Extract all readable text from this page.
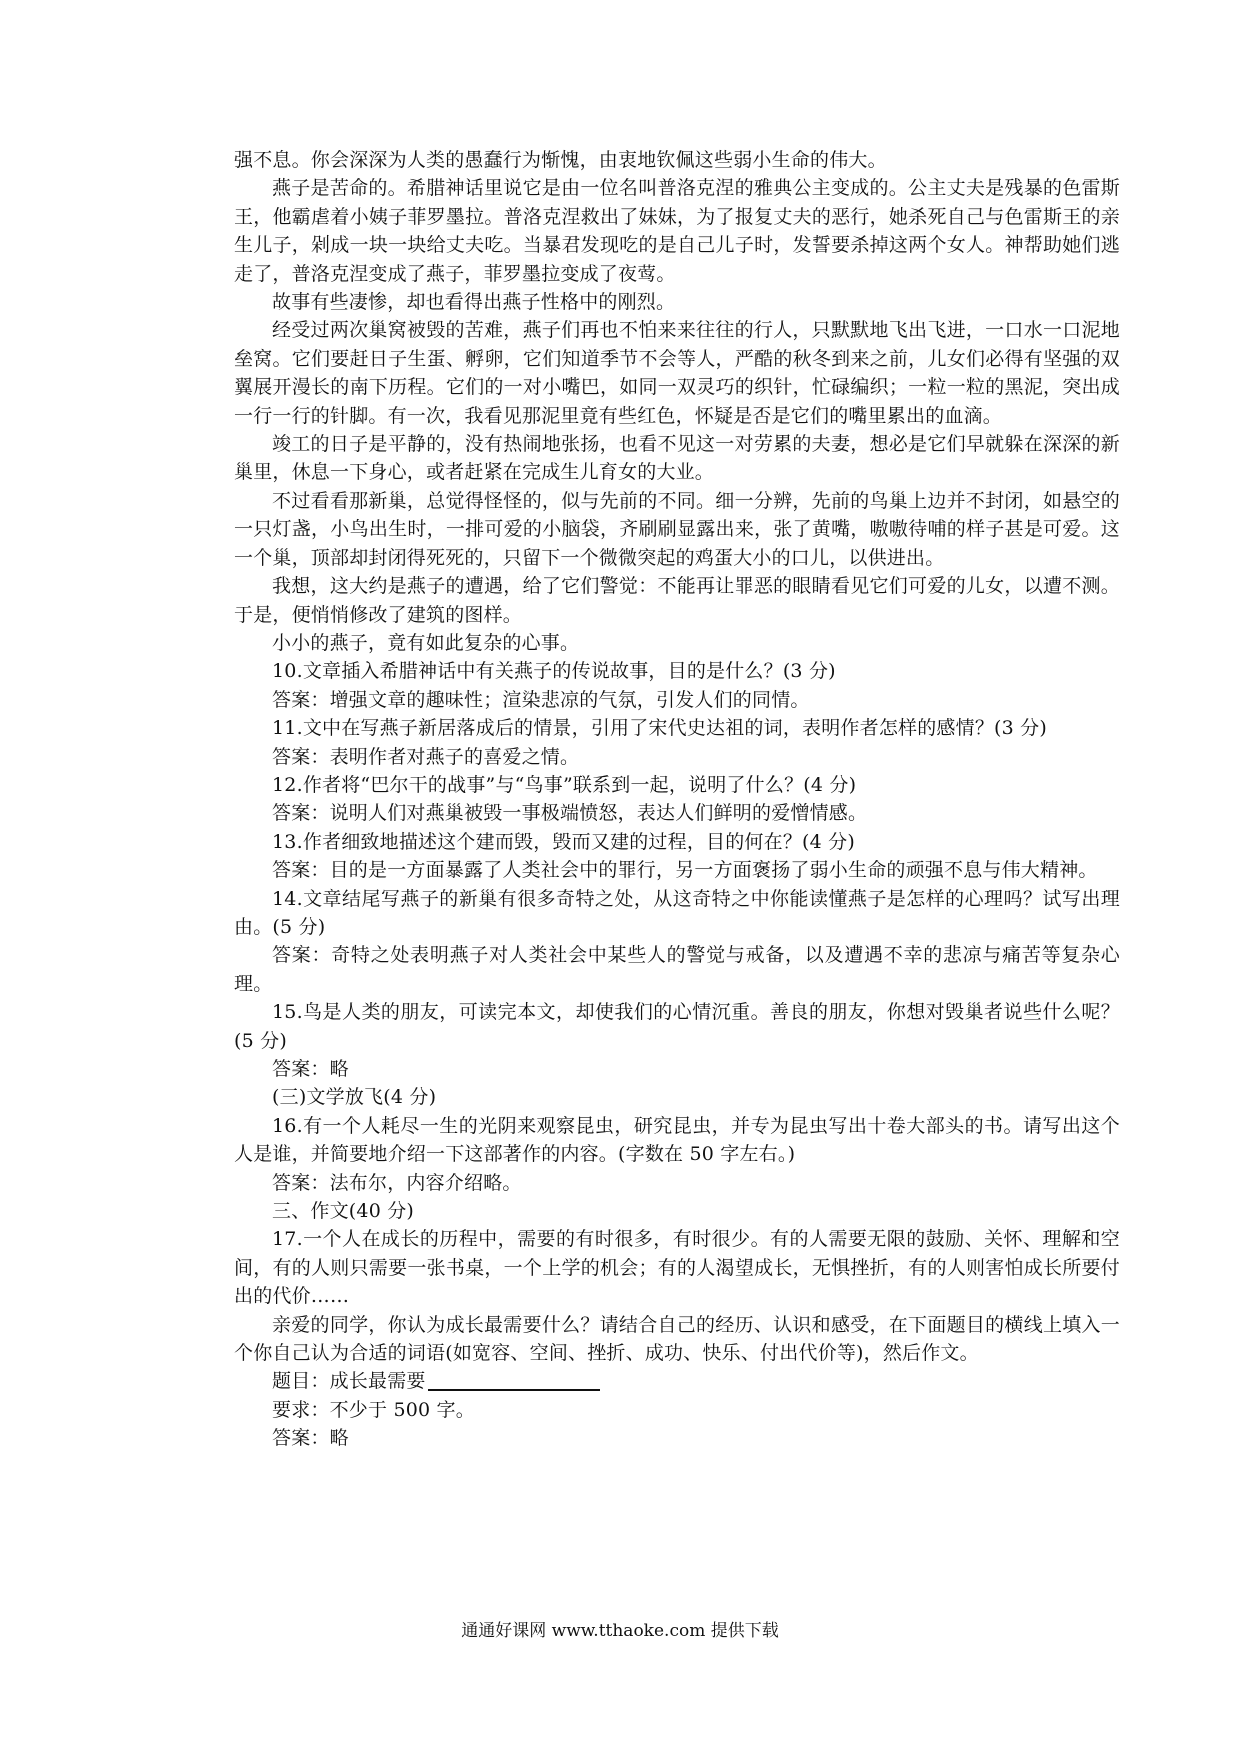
强不息。你会深深为人类的愚蠢行为惭愧，由衷地钦佩这些弱小生命的伟大。

燕子是苦命的。希腊神话里说它是由一位名叫普洛克涅的雅典公主变成的。公主丈夫是残暴的色雷斯王，他霸虐着小姨子菲罗墨拉。普洛克涅救出了妹妹，为了报复丈夫的恶行，她杀死自己与色雷斯王的亲生儿子，剁成一块一块给丈夫吃。当暴君发现吃的是自己儿子时，发誓要杀掉这两个女人。神帮助她们逃走了，普洛克涅变成了燕子，菲罗墨拉变成了夜莺。

故事有些凄惨，却也看得出燕子性格中的刚烈。

经受过两次巢窝被毁的苦难，燕子们再也不怕来来往往的行人，只默默地飞出飞进，一口水一口泥地垒窝。它们要赶日子生蛋、孵卵，它们知道季节不会等人，严酷的秋冬到来之前，儿女们必得有坚强的双翼展开漫长的南下历程。它们的一对小嘴巴，如同一双灵巧的织针，忙碌编织；一粒一粒的黑泥，突出成一行一行的针脚。有一次，我看见那泥里竟有些红色，怀疑是否是它们的嘴里累出的血滴。

竣工的日子是平静的，没有热闹地张扬，也看不见这一对劳累的夫妻，想必是它们早就躲在深深的新巢里，休息一下身心，或者赶紧在完成生儿育女的大业。

不过看看那新巢，总觉得怪怪的，似与先前的不同。细一分辨，先前的鸟巢上边并不封闭，如悬空的一只灯盏，小鸟出生时，一排可爱的小脑袋，齐刷刷显露出来，张了黄嘴，嗷嗷待哺的样子甚是可爱。这一个巢，顶部却封闭得死死的，只留下一个微微突起的鸡蛋大小的口儿，以供进出。

我想，这大约是燕子的遭遇，给了它们警觉：不能再让罪恶的眼睛看见它们可爱的儿女，以遭不测。于是，便悄悄修改了建筑的图样。

小小的燕子，竟有如此复杂的心事。

10.文章插入希腊神话中有关燕子的传说故事，目的是什么？(3 分)

答案：增强文章的趣味性；渲染悲凉的气氛，引发人们的同情。

11.文中在写燕子新居落成后的情景，引用了宋代史达祖的词，表明作者怎样的感情？(3 分)

答案：表明作者对燕子的喜爱之情。

12.作者将“巴尔干的战事”与“鸟事”联系到一起，说明了什么？(4 分)

答案：说明人们对燕巢被毁一事极端愤怒，表达人们鲜明的爱憎情感。

13.作者细致地描述这个建而毁，毁而又建的过程，目的何在？(4 分)

答案：目的是一方面暴露了人类社会中的罪行，另一方面褒扬了弱小生命的顽强不息与伟大精神。

14.文章结尾写燕子的新巢有很多奇特之处，从这奇特之中你能读懂燕子是怎样的心理吗？试写出理由。(5 分)

答案：奇特之处表明燕子对人类社会中某些人的警觉与戒备，以及遭遇不幸的悲凉与痛苦等复杂心理。

15.鸟是人类的朋友，可读完本文，却使我们的心情沉重。善良的朋友，你想对毁巢者说些什么呢？(5 分)

答案：略

(三)文学放飞(4 分)

16.有一个人耗尽一生的光阴来观察昆虫，研究昆虫，并专为昆虫写出十卷大部头的书。请写出这个人是谁，并简要地介绍一下这部著作的内容。(字数在 50 字左右。)

答案：法布尔，内容介绍略。

三、作文(40 分)

17.一个人在成长的历程中，需要的有时很多，有时很少。有的人需要无限的鼓励、关怀、理解和空间，有的人则只需要一张书桌，一个上学的机会；有的人渴望成长，无惧挫折，有的人则害怕成长所要付出的代价……

亲爱的同学，你认为成长最需要什么？请结合自己的经历、认识和感受，在下面题目的横线上填入一个你自己认为合适的词语(如宽容、空间、挫折、成功、快乐、付出代价等)，然后作文。

题目：成长最需要

要求：不少于 500 字。

答案：略

通通好课网 www.tthaoke.com 提供下载
